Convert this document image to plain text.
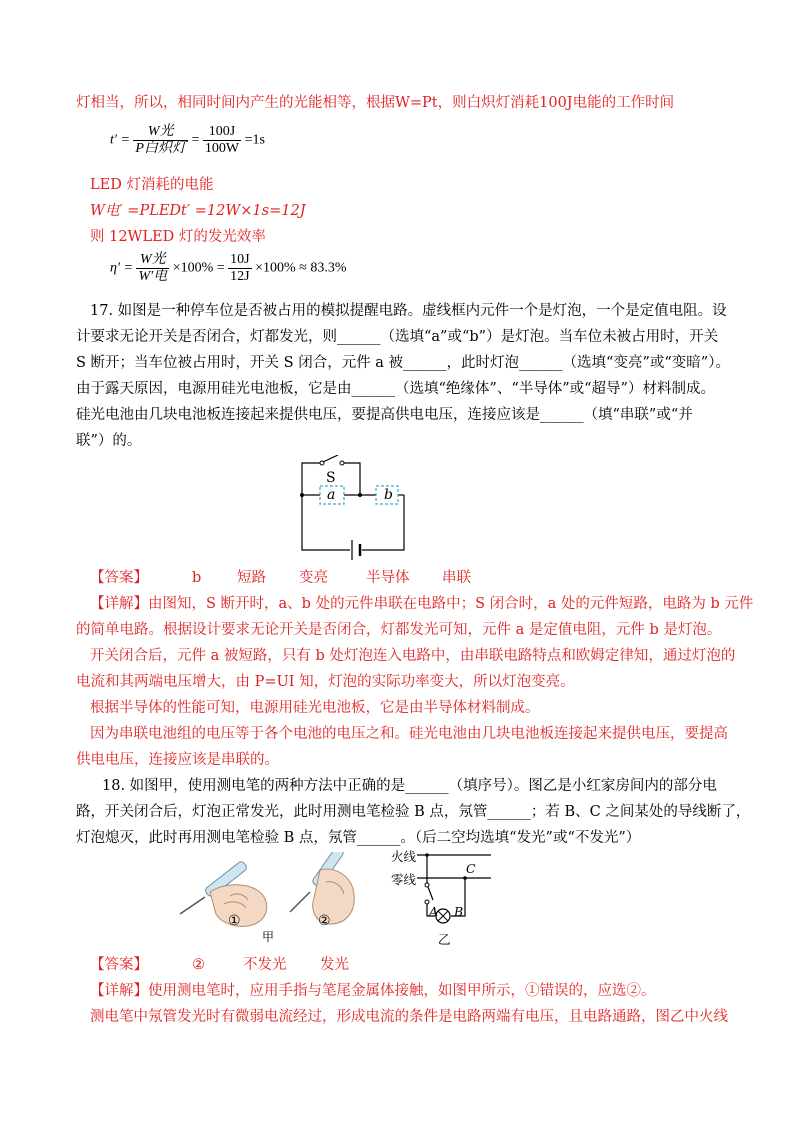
灯相当，所以，相同时间内产生的光能相等，根据W=Pt，则白炽灯消耗100J电能的工作时间
$t' = \frac{\text{W光}}{\text{P白炽灯}} = \frac{100J}{100W} =1s$
LED 灯消耗的电能
W电′ =PLEDt′ =12W×1s=12J
则 12WLED 灯的发光效率
$\eta' = \frac{\text{W光}}{\text{W′电}} \times 100\% = \frac{10J}{12J} \times 100\% \approx 83.3\%$
17. 如图是一种停车位是否被占用的模拟提醒电路。虚线框内元件一个是灯泡，一个是定值电阻。设
计要求无论开关是否闭合，灯都发光，则______（选填“a”或“b”）是灯泡。当车位未被占用时，开关
S 断开；当车位被占用时，开关 S 闭合，元件 a 被______，此时灯泡______（选填“变亮”或“变暗”）。
由于露天原因，电源用硅光电池板，它是由______（选填“绝缘体”、“半导体”或“超导”）材料制成。
硅光电池由几块电池板连接起来提供电压，要提高供电电压，连接应该是______（填“串联”或“并
联”）的。
S
a	b
【答案】	b 短路 变亮	半导体 串联
【详解】由图知，S 断开时，a、b 处的元件串联在电路中；S 闭合时，a 处的元件短路，电路为 b 元件
的简单电路。根据设计要求无论开关是否闭合，灯都发光可知，元件 a 是定值电阻，元件 b 是灯泡。
开关闭合后，元件 a 被短路，只有 b 处灯泡连入电路中，由串联电路特点和欧姆定律知，通过灯泡的
电流和其两端电压增大，由 P=UI 知，灯泡的实际功率变大，所以灯泡变亮。
根据半导体的性能可知，电源用硅光电池板，它是由半导体材料制成。
因为串联电池组的电压等于各个电池的电压之和。硅光电池由几块电池板连接起来提供电压，要提高
供电电压，连接应该是串联的。
18. 如图甲，使用测电笔的两种方法中正确的是______（填序号）。图乙是小红家房间内的部分电
路，开关闭合后，灯泡正常发光，此时用测电笔检验 B 点，氖管______；若 B、C 之间某处的导线断了，
灯泡熄灭，此时再用测电笔检验 B 点，氖管______。（后二空均选填“发光”或“不发光”）
①	②
甲
火线
零线
C
A B
乙
【答案】	②	不发光 发光
【详解】使用测电笔时，应用手指与笔尾金属体接触，如图甲所示，①错误的，应选②。
测电笔中氖管发光时有微弱电流经过，形成电流的条件是电路两端有电压，且电路通路，图乙中火线
